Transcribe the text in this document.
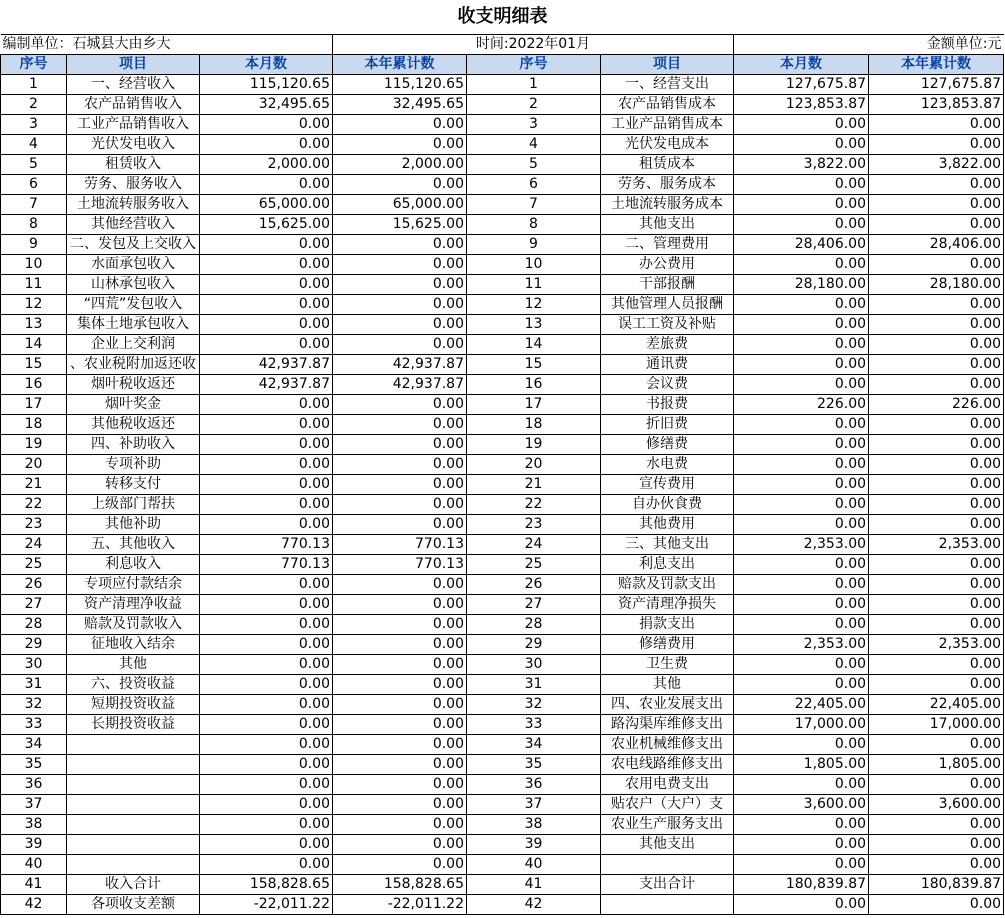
收支明细表
编制单位：石城县大由乡大			时间:2022年01月			金额单位:元	
序号	项目	本月数	本年累计数	序号	项目	本月数	本年累计数
1	一、经营收入	115,120.65	115,120.65	1	一、经营支出	127,675.87	127,675.87
2	农产品销售收入	32,495.65	32,495.65	2	农产品销售成本	123,853.87	123,853.87
3	工业产品销售收入	0.00	0.00	3	工业产品销售成本	0.00	0.00
4	光伏发电收入	0.00	0.00	4	光伏发电成本	0.00	0.00
5	租赁收入	2,000.00	2,000.00	5	租赁成本	3,822.00	3,822.00
6	劳务、服务收入	0.00	0.00	6	劳务、服务成本	0.00	0.00
7	土地流转服务收入	65,000.00	65,000.00	7	土地流转服务成本	0.00	0.00
8	其他经营收入	15,625.00	15,625.00	8	其他支出	0.00	0.00
9	二、发包及上交收入	0.00	0.00	9	二、管理费用	28,406.00	28,406.00
10	水面承包收入	0.00	0.00	10	办公费用	0.00	0.00
11	山林承包收入	0.00	0.00	11	干部报酬	28,180.00	28,180.00
12	“四荒”发包收入	0.00	0.00	12	其他管理人员报酬	0.00	0.00
13	集体土地承包收入	0.00	0.00	13	误工工资及补贴	0.00	0.00
14	企业上交利润	0.00	0.00	14	差旅费	0.00	0.00
15	、农业税附加返还收	42,937.87	42,937.87	15	通讯费	0.00	0.00
16	烟叶税收返还	42,937.87	42,937.87	16	会议费	0.00	0.00
17	烟叶奖金	0.00	0.00	17	书报费	226.00	226.00
18	其他税收返还	0.00	0.00	18	折旧费	0.00	0.00
19	四、补助收入	0.00	0.00	19	修缮费	0.00	0.00
20	专项补助	0.00	0.00	20	水电费	0.00	0.00
21	转移支付	0.00	0.00	21	宣传费用	0.00	0.00
22	上级部门帮扶	0.00	0.00	22	自办伙食费	0.00	0.00
23	其他补助	0.00	0.00	23	其他费用	0.00	0.00
24	五、其他收入	770.13	770.13	24	三、其他支出	2,353.00	2,353.00
25	利息收入	770.13	770.13	25	利息支出	0.00	0.00
26	专项应付款结余	0.00	0.00	26	赔款及罚款支出	0.00	0.00
27	资产清理净收益	0.00	0.00	27	资产清理净损失	0.00	0.00
28	赔款及罚款收入	0.00	0.00	28	捐款支出	0.00	0.00
29	征地收入结余	0.00	0.00	29	修缮费用	2,353.00	2,353.00
30	其他	0.00	0.00	30	卫生费	0.00	0.00
31	六、投资收益	0.00	0.00	31	其他	0.00	0.00
32	短期投资收益	0.00	0.00	32	四、农业发展支出	22,405.00	22,405.00
33	长期投资收益	0.00	0.00	33	路沟渠库维修支出	17,000.00	17,000.00
34		0.00	0.00	34	农业机械维修支出	0.00	0.00
35		0.00	0.00	35	农电线路维修支出	1,805.00	1,805.00
36		0.00	0.00	36	农用电费支出	0.00	0.00
37		0.00	0.00	37	贴农户（大户）支	3,600.00	3,600.00
38		0.00	0.00	38	农业生产服务支出	0.00	0.00
39		0.00	0.00	39	其他支出	0.00	0.00
40		0.00	0.00	40		0.00	0.00
41	收入合计	158,828.65	158,828.65	41	支出合计	180,839.87	180,839.87
42	各项收支差额	-22,011.22	-22,011.22	42		0.00	0.00
